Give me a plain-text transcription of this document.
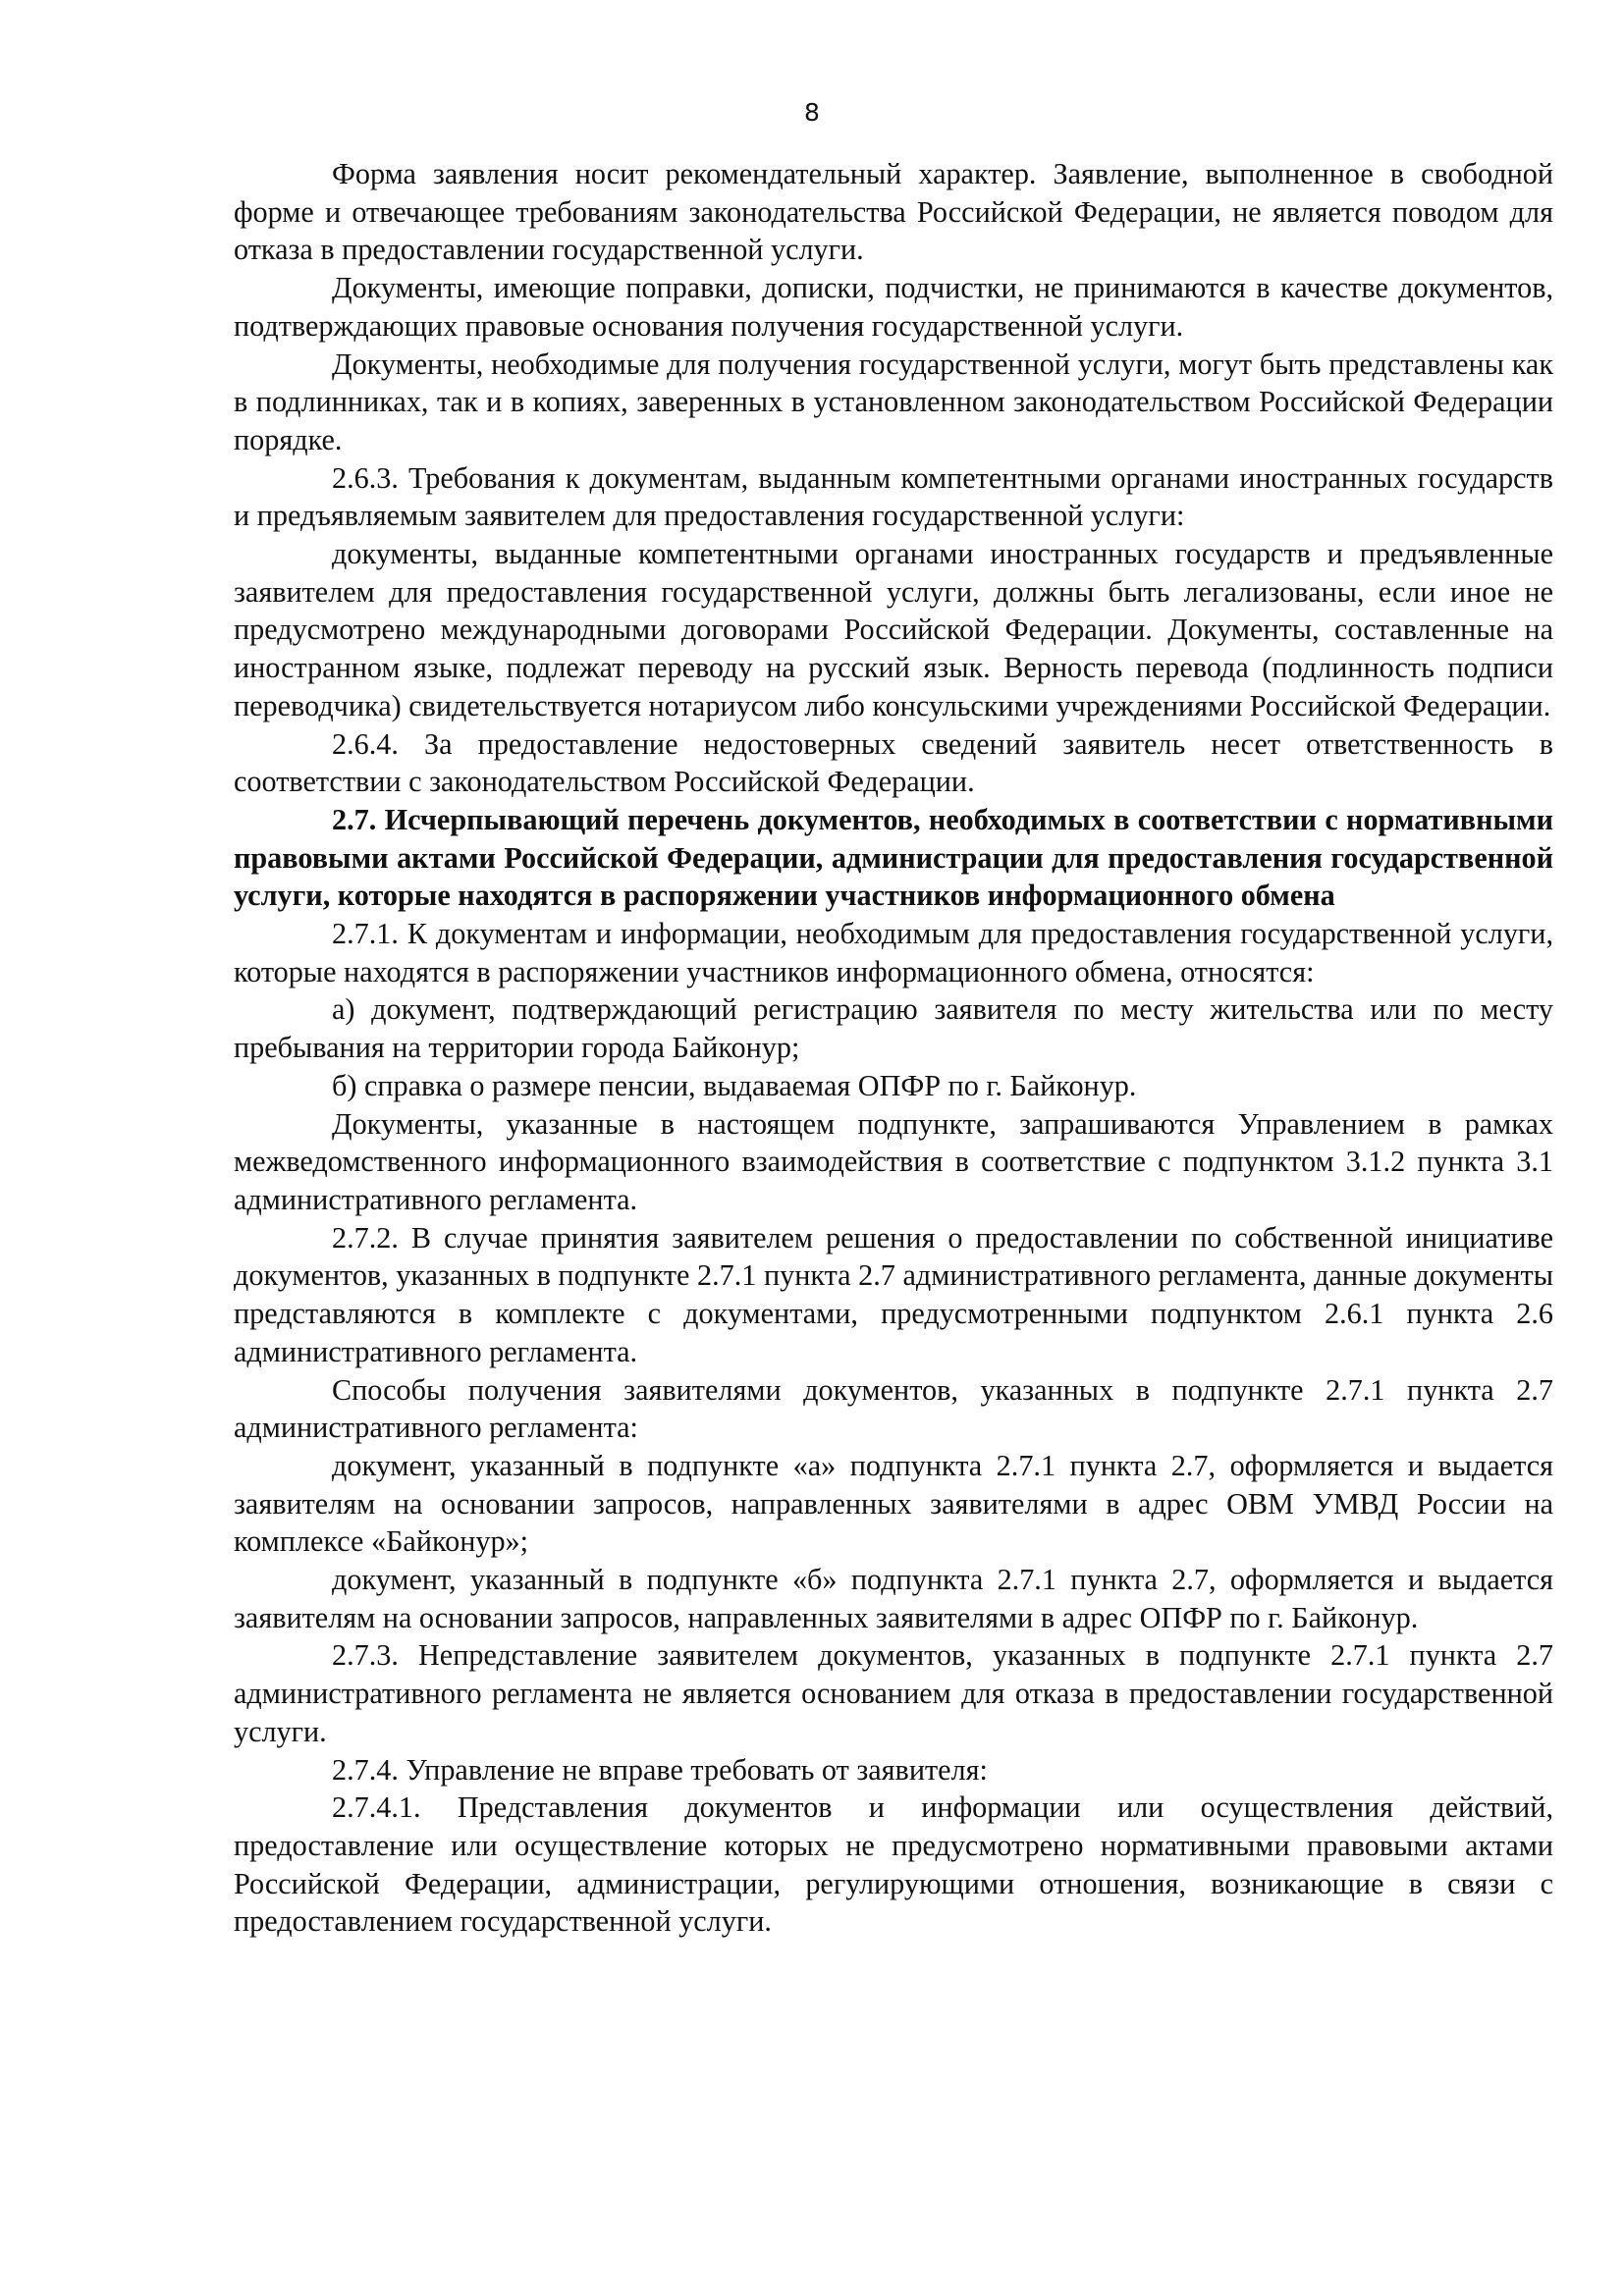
8

Форма заявления носит рекомендательный характер. Заявление, выполненное в свободной форме и отвечающее требованиям законодательства Российской Федерации, не является поводом для отказа в предоставлении государственной услуги.

Документы, имеющие поправки, дописки, подчистки, не принимаются в качестве документов, подтверждающих правовые основания получения государственной услуги.

Документы, необходимые для получения государственной услуги, могут быть представлены как в подлинниках, так и в копиях, заверенных в установленном законодательством Российской Федерации порядке.

2.6.3. Требования к документам, выданным компетентными органами иностранных государств и предъявляемым заявителем для предоставления государственной услуги:

документы, выданные компетентными органами иностранных государств и предъявленные заявителем для предоставления государственной услуги, должны быть легализованы, если иное не предусмотрено международными договорами Российской Федерации. Документы, составленные на иностранном языке, подлежат переводу на русский язык. Верность перевода (подлинность подписи переводчика) свидетельствуется нотариусом либо консульскими учреждениями Российской Федерации.

2.6.4. За предоставление недостоверных сведений заявитель несет ответственность в соответствии с законодательством Российской Федерации.

2.7. Исчерпывающий перечень документов, необходимых в соответствии с нормативными правовыми актами Российской Федерации, администрации для предоставления государственной услуги, которые находятся в распоряжении участников информационного обмена

2.7.1. К документам и информации, необходимым для предоставления государственной услуги, которые находятся в распоряжении участников информационного обмена, относятся:

а) документ, подтверждающий регистрацию заявителя по месту жительства или по месту пребывания на территории города Байконур;

б) справка о размере пенсии, выдаваемая ОПФР по г. Байконур.

Документы, указанные в настоящем подпункте, запрашиваются Управлением в рамках межведомственного информационного взаимодействия в соответствие с подпунктом 3.1.2 пункта 3.1 административного регламента.

2.7.2. В случае принятия заявителем решения о предоставлении по собственной инициативе документов, указанных в подпункте 2.7.1 пункта 2.7 административного регламента, данные документы представляются в комплекте с документами, предусмотренными подпунктом 2.6.1 пункта 2.6 административного регламента.

Способы получения заявителями документов, указанных в подпункте 2.7.1 пункта 2.7 административного регламента:

документ, указанный в подпункте «а» подпункта 2.7.1 пункта 2.7, оформляется и выдается заявителям на основании запросов, направленных заявителями в адрес ОВМ УМВД России на комплексе «Байконур»;

документ, указанный в подпункте «б» подпункта 2.7.1 пункта 2.7, оформляется и выдается заявителям на основании запросов, направленных заявителями в адрес ОПФР по г. Байконур.

2.7.3. Непредставление заявителем документов, указанных в подпункте 2.7.1 пункта 2.7 административного регламента не является основанием для отказа в предоставлении государственной услуги.

2.7.4. Управление не вправе требовать от заявителя:

2.7.4.1. Представления документов и информации или осуществления действий, предоставление или осуществление которых не предусмотрено нормативными правовыми актами Российской Федерации, администрации, регулирующими отношения, возникающие в связи с предоставлением государственной услуги.
